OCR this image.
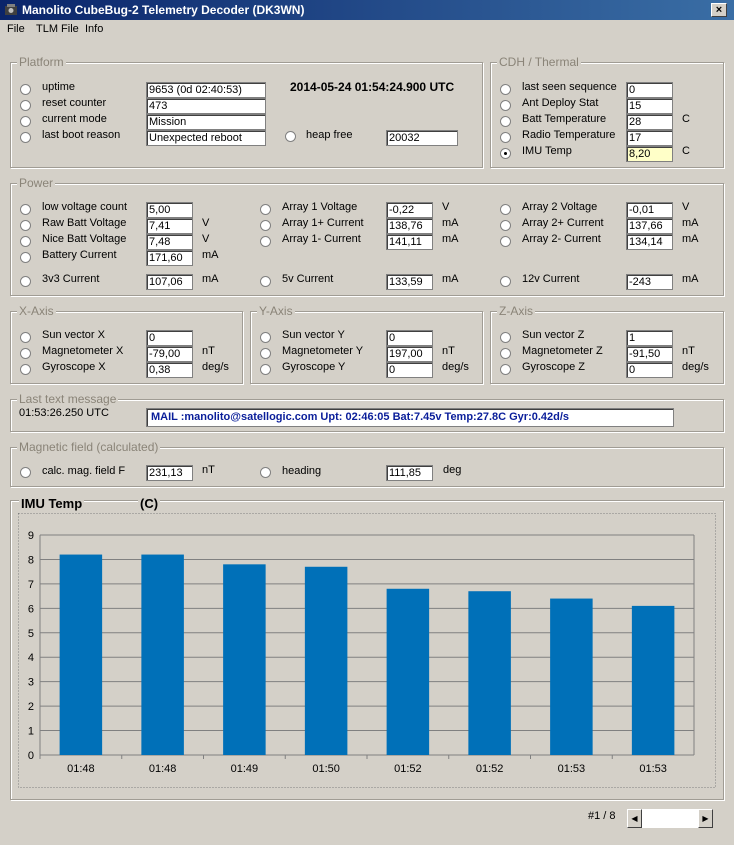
Manolito CubeBug-2 Telemetry Decoder (DK3WN)	×
File TLM File Info
Platform
2014-05-24 01:54:24.900 UTC
uptime	9653 (0d 02:40:53)
reset counter	473
current mode	Mission
last boot reason	Unexpected reboot	heap free	20032
CDH / Thermal
last seen sequence 0
Ant Deploy Stat	15
Batt Temperature 28	C
Radio Temperature 17
IMU Temp	8,20	C
Power
low voltage count 5,00
Raw Batt Voltage 7,41	V
Nice Batt Voltage 7,48	V
Battery Current	171,60	mA
3v3 Current	107,06	mA
Array 1 Voltage	-0,22	V
Array 1+ Current 138,76	mA
Array 1- Current	141,11	mA
5v Current	133,59	mA
Array 2 Voltage	-0,01	V
Array 2+ Current 137,66	mA
Array 2- Current	134,14	mA
12v Current	-243	mA
X-Axis	Y-Axis	Z-Axis
Sun vector X	0
Magnetometer X -79,00	nT
Gyroscope X	0,38	deg/s
Sun vector Y	0
Magnetometer Y 197,00	nT
Gyroscope Y	0	deg/s
Sun vector Z	1
Magnetometer Z -91,50	nT
Gyroscope Z	0	deg/s
Last text message
01:53:26.250 UTC	MAIL :manolito@satellogic.com Upt: 02:46:05 Bat:7.45v Temp:27.8C Gyr:0.42d/s
Magnetic field (calculated)
calc. mag. field F 231,13	nT	heading	111,85	deg
IMU Temp	(C)
0
1
2
3
4
5
6
7
8
9
01:48	01:48	01:49	01:50	01:52	01:52	01:53	01:53
#1 / 8	◀	▶
